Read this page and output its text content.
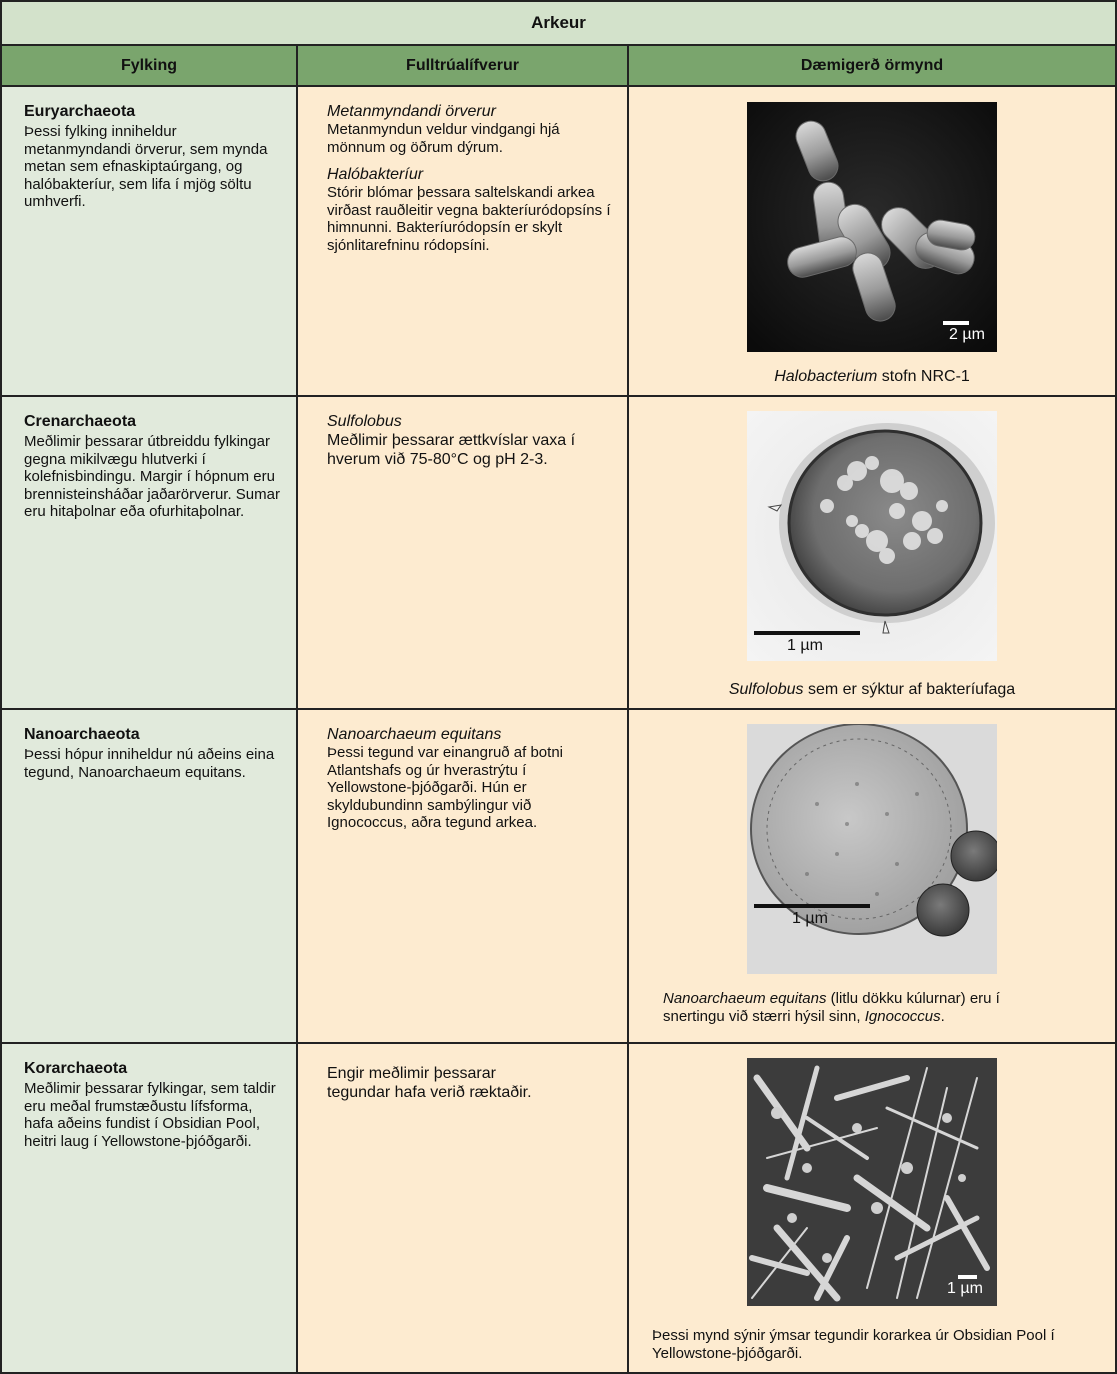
Arkeur
Fylking	Fulltrúalífverur	Dæmigerð örmynd
Euryarchaeota
Þessi fylking inniheldur metanmyndandi örverur, sem mynda metan sem efnaskiptaúrgang, og halóbakteríur, sem lifa í mjög söltu umhverfi.
Metanmyndandi örverur
Metanmyndun veldur vindgangi hjá mönnum og öðrum dýrum.
Halóbakteríur
Stórir blómar þessara saltelskandi arkea virðast rauðleitir vegna bakteríuródopsíns í himnunni. Bakteríuródopsín er skylt sjónlitarefninu ródopsíni.
2 µm
Halobacterium stofn NRC-1
Crenarchaeota
Meðlimir þessarar útbreiddu fylkingar gegna mikilvægu hlutverki í kolefnisbindingu. Margir í hópnum eru brennisteinsháðar jaðarörverur. Sumar eru hitaþolnar eða ofurhitaþolnar.
Sulfolobus
Meðlimir þessarar ættkvíslar vaxa í hverum við 75-80°C og pH 2-3.
1 µm
Sulfolobus sem er sýktur af bakteríufaga
Nanoarchaeota
Þessi hópur inniheldur nú aðeins eina tegund, Nanoarchaeum equitans.
Nanoarchaeum equitans
Þessi tegund var einangruð af botni Atlantshafs og úr hverastrýtu í Yellowstone-þjóðgarði. Hún er skyldubundinn sambýlingur við Ignococcus, aðra tegund arkea.
1 µm
Nanoarchaeum equitans (litlu dökku kúlurnar) eru í snertingu við stærri hýsil sinn, Ignococcus.
Korarchaeota
Meðlimir þessarar fylkingar, sem taldir eru meðal frumstæðustu lífsforma, hafa aðeins fundist í Obsidian Pool, heitri laug í Yellowstone-þjóðgarði.
Engir meðlimir þessarar tegundar hafa verið ræktaðir.
1 µm
Þessi mynd sýnir ýmsar tegundir korarkea úr Obsidian Pool í Yellowstone-þjóðgarði.
